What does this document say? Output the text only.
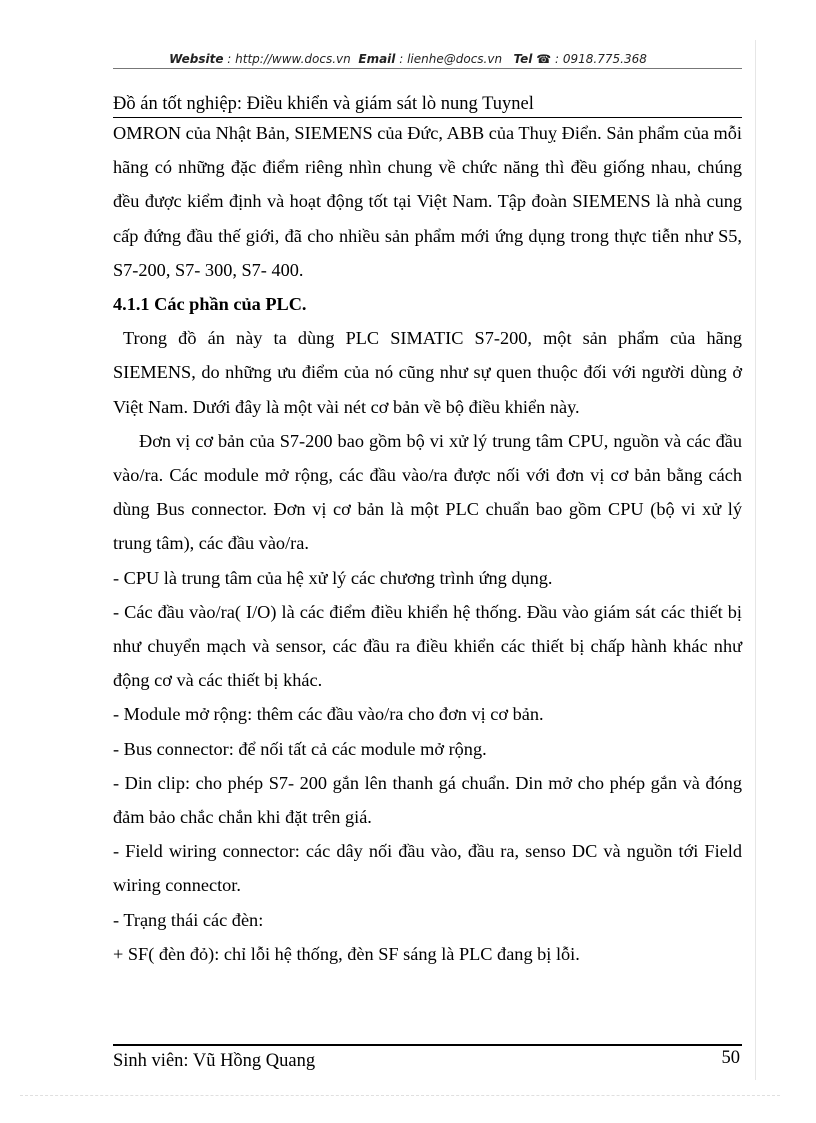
Website : http://www.docs.vn Email : lienhe@docs.vn Tel ☎ : 0918.775.368
Đồ án tốt nghiệp: Điều khiển và giám sát lò nung Tuynel

OMRON của Nhật Bản, SIEMENS của Đức, ABB của Thuỵ Điển. Sản phẩm của mỗi hãng có những đặc điểm riêng nhìn chung về chức năng thì đều giống nhau, chúng đều được kiểm định và hoạt động tốt tại Việt Nam. Tập đoàn SIEMENS là nhà cung cấp đứng đầu thế giới, đã cho nhiều sản phẩm mới ứng dụng trong thực tiễn như S5, S7-200, S7- 300, S7- 400.

4.1.1 Các phần của PLC.

Trong đồ án này ta dùng PLC SIMATIC S7-200, một sản phẩm của hãng SIEMENS, do những ưu điểm của nó cũng như sự quen thuộc đối với người dùng ở Việt Nam. Dưới đây là một vài nét cơ bản về bộ điều khiển này.

Đơn vị cơ bản của S7-200 bao gồm bộ vi xử lý trung tâm CPU, nguồn và các đầu vào/ra. Các module mở rộng, các đầu vào/ra được nối với đơn vị cơ bản bằng cách dùng Bus connector. Đơn vị cơ bản là một PLC chuẩn bao gồm CPU (bộ vi xử lý trung tâm), các đầu vào/ra.

- CPU là trung tâm của hệ xử lý các chương trình ứng dụng.

- Các đầu vào/ra( I/O) là các điểm điều khiển hệ thống. Đầu vào giám sát các thiết bị như chuyển mạch và sensor, các đầu ra điều khiển các thiết bị chấp hành khác như động cơ và các thiết bị khác.

- Module mở rộng: thêm các đầu vào/ra cho đơn vị cơ bản.

- Bus connector: để nối tất cả các module mở rộng.

- Din clip: cho phép S7- 200 gắn lên thanh gá chuẩn. Din mở cho phép gắn và đóng đảm bảo chắc chắn khi đặt trên giá.

- Field wiring connector: các dây nối đầu vào, đầu ra, senso DC và nguồn tới Field wiring connector.

- Trạng thái các đèn:

+ SF( đèn đỏ): chỉ lỗi hệ thống, đèn SF sáng là PLC đang bị lỗi.

Sinh viên: Vũ Hồng Quang	50
